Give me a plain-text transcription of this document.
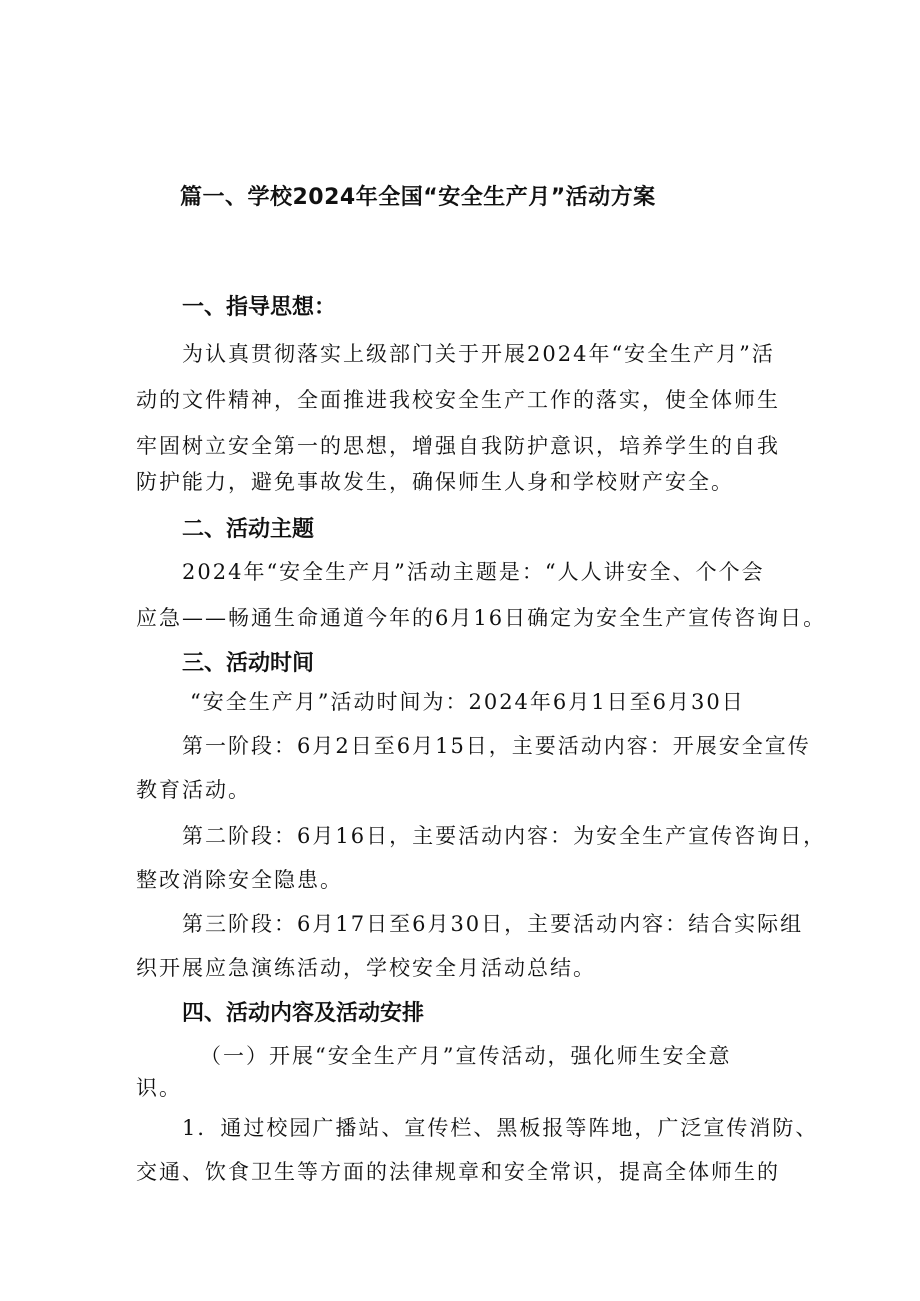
篇一、学校2024年全国“安全生产月”活动方案
一、指导思想：
为认真贯彻落实上级部门关于开展2024年“安全生产月”活
动的文件精神，全面推进我校安全生产工作的落实，使全体师生
牢固树立安全第一的思想，增强自我防护意识，培养学生的自我
防护能力，避免事故发生，确保师生人身和学校财产安全。
二、活动主题
2024年“安全生产月”活动主题是：“人人讲安全、个个会
应急——畅通生命通道今年的6月16日确定为安全生产宣传咨询日。
三、活动时间
“安全生产月”活动时间为：2024年6月1日至6月30日
第一阶段：6月2日至6月15日，主要活动内容：开展安全宣传
教育活动。
第二阶段：6月16日，主要活动内容：为安全生产宣传咨询日，
整改消除安全隐患。
第三阶段：6月17日至6月30日，主要活动内容：结合实际组
织开展应急演练活动，学校安全月活动总结。
四、活动内容及活动安排
（一）开展“安全生产月”宣传活动，强化师生安全意
识。
1．通过校园广播站、宣传栏、黑板报等阵地，广泛宣传消防、
交通、饮食卫生等方面的法律规章和安全常识，提高全体师生的
